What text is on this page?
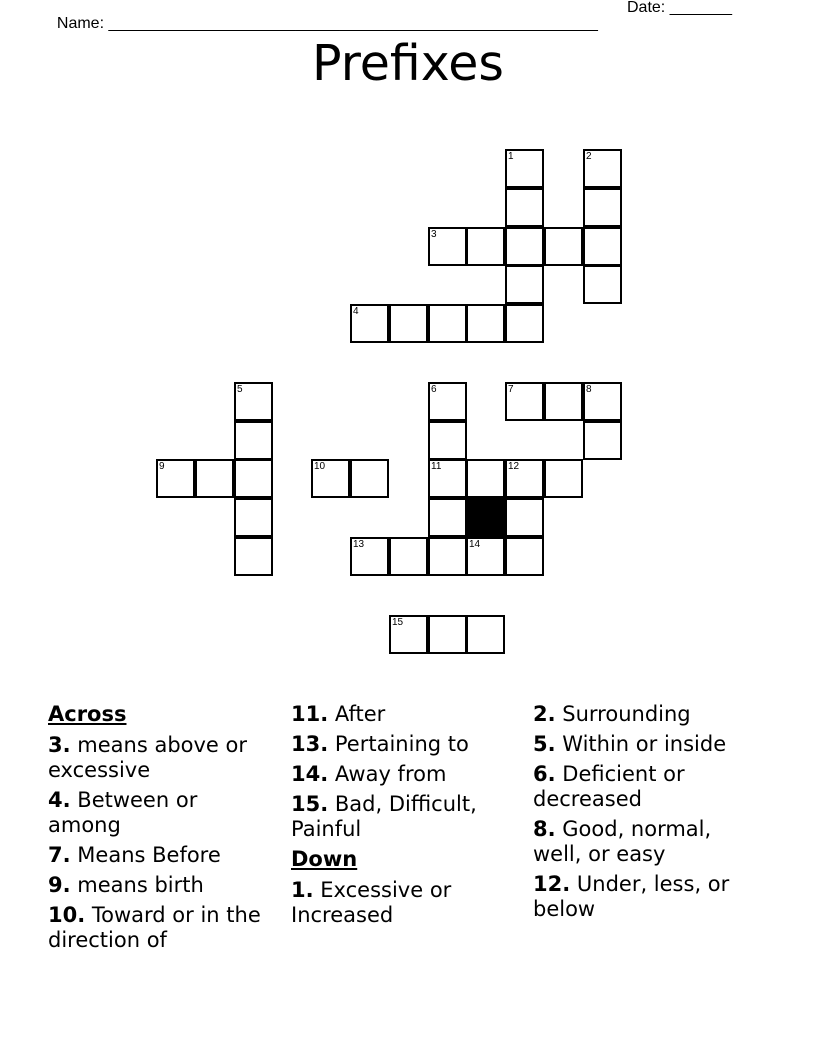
Name: _______________________________________________________

Date: _______

Prefixes
1	2
3
4
5	6	7	8
9	10	11	12
13	14
15
Across
3. means above or excessive
4. Between or among
7. Means Before
9. means birth
10. Toward or in the direction of
11. After
13. Pertaining to
14. Away from
15. Bad, Difficult, Painful
Down
1. Excessive or Increased
2. Surrounding
5. Within or inside
6. Deficient or decreased
8. Good, normal, well, or easy
12. Under, less, or below
